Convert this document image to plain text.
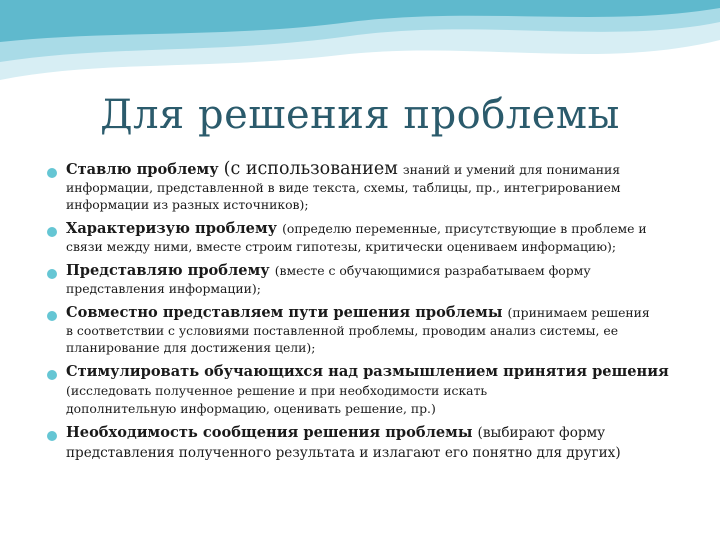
Для решения проблемы
Ставлю проблему (с использованием знаний и умений для понимания
информации, представленной в виде текста, схемы, таблицы, пр., интегрированием информации из разных источников);
Характеризую проблему (определю переменные, присутствующие в проблеме и
связи между ними, вместе строим гипотезы, критически оцениваем информацию);
Представляю проблему (вместе с обучающимися разрабатываем форму
представления информации);
Совместно представляем пути решения проблемы (принимаем решения
в соответствии с условиями поставленной проблемы, проводим анализ системы, ее планирование для достижения цели);
Стимулировать обучающихся над размышлением принятия решения (исследовать полученное решение и при необходимости искать
дополнительную информацию, оценивать решение, пр.)
Необходимость сообщения решения проблемы (выбирают форму представления полученного результата и излагают его понятно для других)
